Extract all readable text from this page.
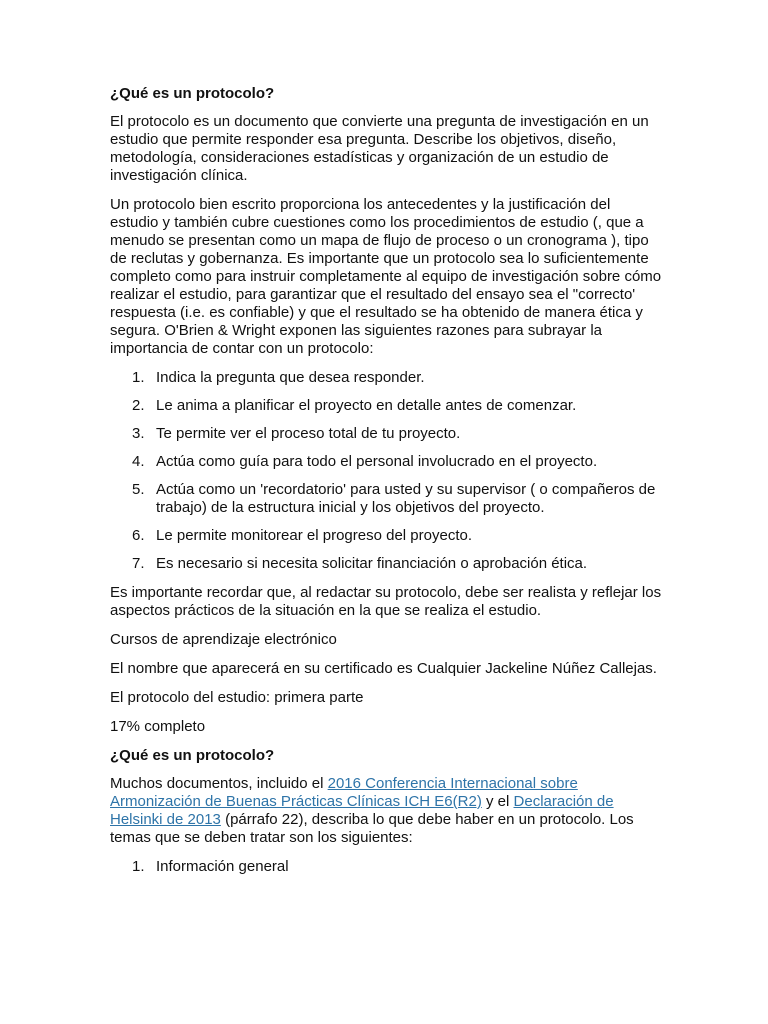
¿Qué es un protocolo?

El protocolo es un documento que convierte una pregunta de investigación en un estudio que permite responder esa pregunta. Describe los objetivos, diseño, metodología, consideraciones estadísticas y organización de un estudio de investigación clínica.

Un protocolo bien escrito proporciona los antecedentes y la justificación del estudio y también cubre cuestiones como los procedimientos de estudio (, que a menudo se presentan como un mapa de flujo de proceso o un cronograma ), tipo de reclutas y gobernanza. Es importante que un protocolo sea lo suficientemente completo como para instruir completamente al equipo de investigación sobre cómo realizar el estudio, para garantizar que el resultado del ensayo sea el "correcto' respuesta (i.e. es confiable) y que el resultado se ha obtenido de manera ética y segura. O'Brien & Wright exponen las siguientes razones para subrayar la importancia de contar con un protocolo:

1. Indica la pregunta que desea responder.
2. Le anima a planificar el proyecto en detalle antes de comenzar.
3. Te permite ver el proceso total de tu proyecto.
4. Actúa como guía para todo el personal involucrado en el proyecto.
5. Actúa como un 'recordatorio' para usted y su supervisor ( o compañeros de trabajo) de la estructura inicial y los objetivos del proyecto.
6. Le permite monitorear el progreso del proyecto.
7. Es necesario si necesita solicitar financiación o aprobación ética.

Es importante recordar que, al redactar su protocolo, debe ser realista y reflejar los aspectos prácticos de la situación en la que se realiza el estudio.

Cursos de aprendizaje electrónico

El nombre que aparecerá en su certificado es Cualquier Jackeline Núñez Callejas.

El protocolo del estudio: primera parte

17% completo

¿Qué es un protocolo?

Muchos documentos, incluido el 2016 Conferencia Internacional sobre Armonización de Buenas Prácticas Clínicas ICH E6(R2) y el Declaración de Helsinki de 2013 (párrafo 22), describa lo que debe haber en un protocolo. Los temas que se deben tratar son los siguientes:

1. Información general
